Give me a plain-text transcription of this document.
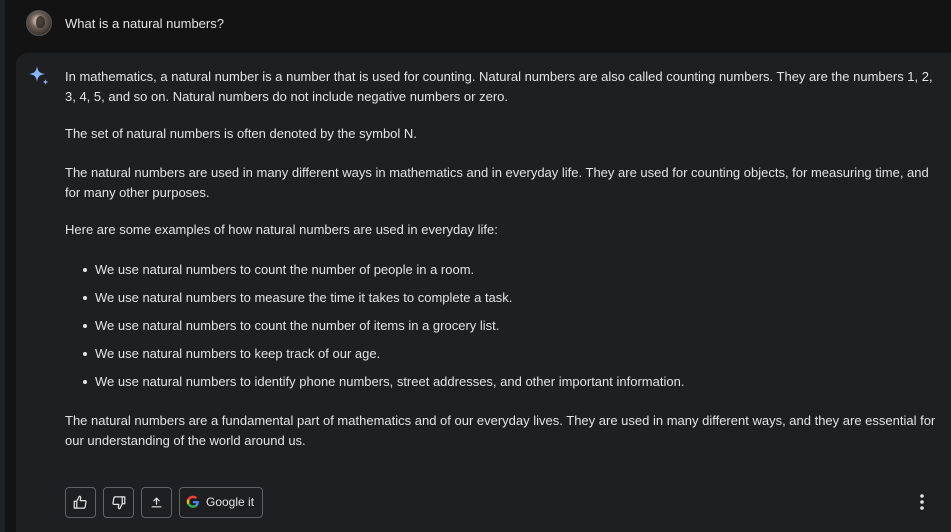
What is a natural numbers?

In mathematics, a natural number is a number that is used for counting. Natural numbers are also called counting numbers. They are the numbers 1, 2, 3, 4, 5, and so on. Natural numbers do not include negative numbers or zero.

The set of natural numbers is often denoted by the symbol N.

The natural numbers are used in many different ways in mathematics and in everyday life. They are used for counting objects, for measuring time, and for many other purposes.

Here are some examples of how natural numbers are used in everyday life:

We use natural numbers to count the number of people in a room.
We use natural numbers to measure the time it takes to complete a task.
We use natural numbers to count the number of items in a grocery list.
We use natural numbers to keep track of our age.
We use natural numbers to identify phone numbers, street addresses, and other important information.

The natural numbers are a fundamental part of mathematics and of our everyday lives. They are used in many different ways, and they are essential for our understanding of the world around us.

Google it
